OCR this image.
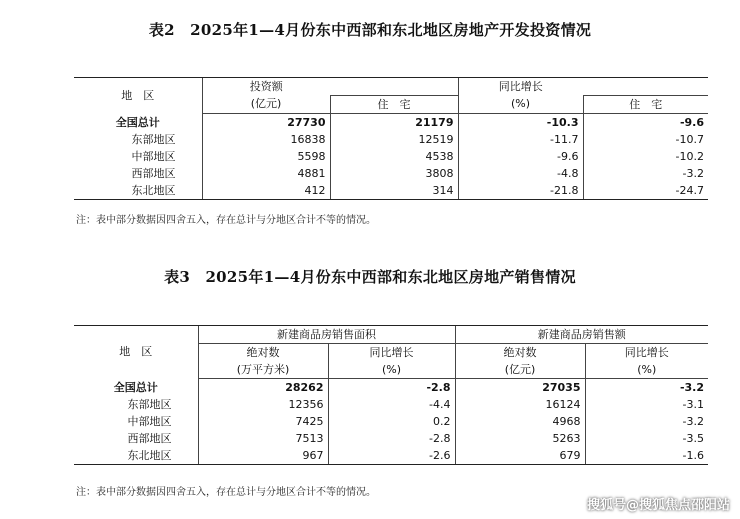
表2　2025年1—4月份东中西部和东北地区房地产开发投资情况
地　区	投资额		同比增长	
	(亿元)	住　宅	(%)	住　宅
全国总计	27730	21179	-10.3	-9.6
东部地区	16838	12519	-11.7	-10.7
中部地区	5598	4538	-9.6	-10.2
西部地区	4881	3808	-4.8	-3.2
东北地区	412	314	-21.8	-24.7
注：表中部分数据因四舍五入，存在总计与分地区合计不等的情况。
表3　2025年1—4月份东中西部和东北地区房地产销售情况
地　区	新建商品房销售面积		新建商品房销售额	
	绝对数	同比增长	绝对数	同比增长
	(万平方米)	(%)	(亿元)	(%)
全国总计	28262	-2.8	27035	-3.2
东部地区	12356	-4.4	16124	-3.1
中部地区	7425	0.2	4968	-3.2
西部地区	7513	-2.8	5263	-3.5
东北地区	967	-2.6	679	-1.6
注：表中部分数据因四舍五入，存在总计与分地区合计不等的情况。
搜狐号@搜狐焦点邵阳站
